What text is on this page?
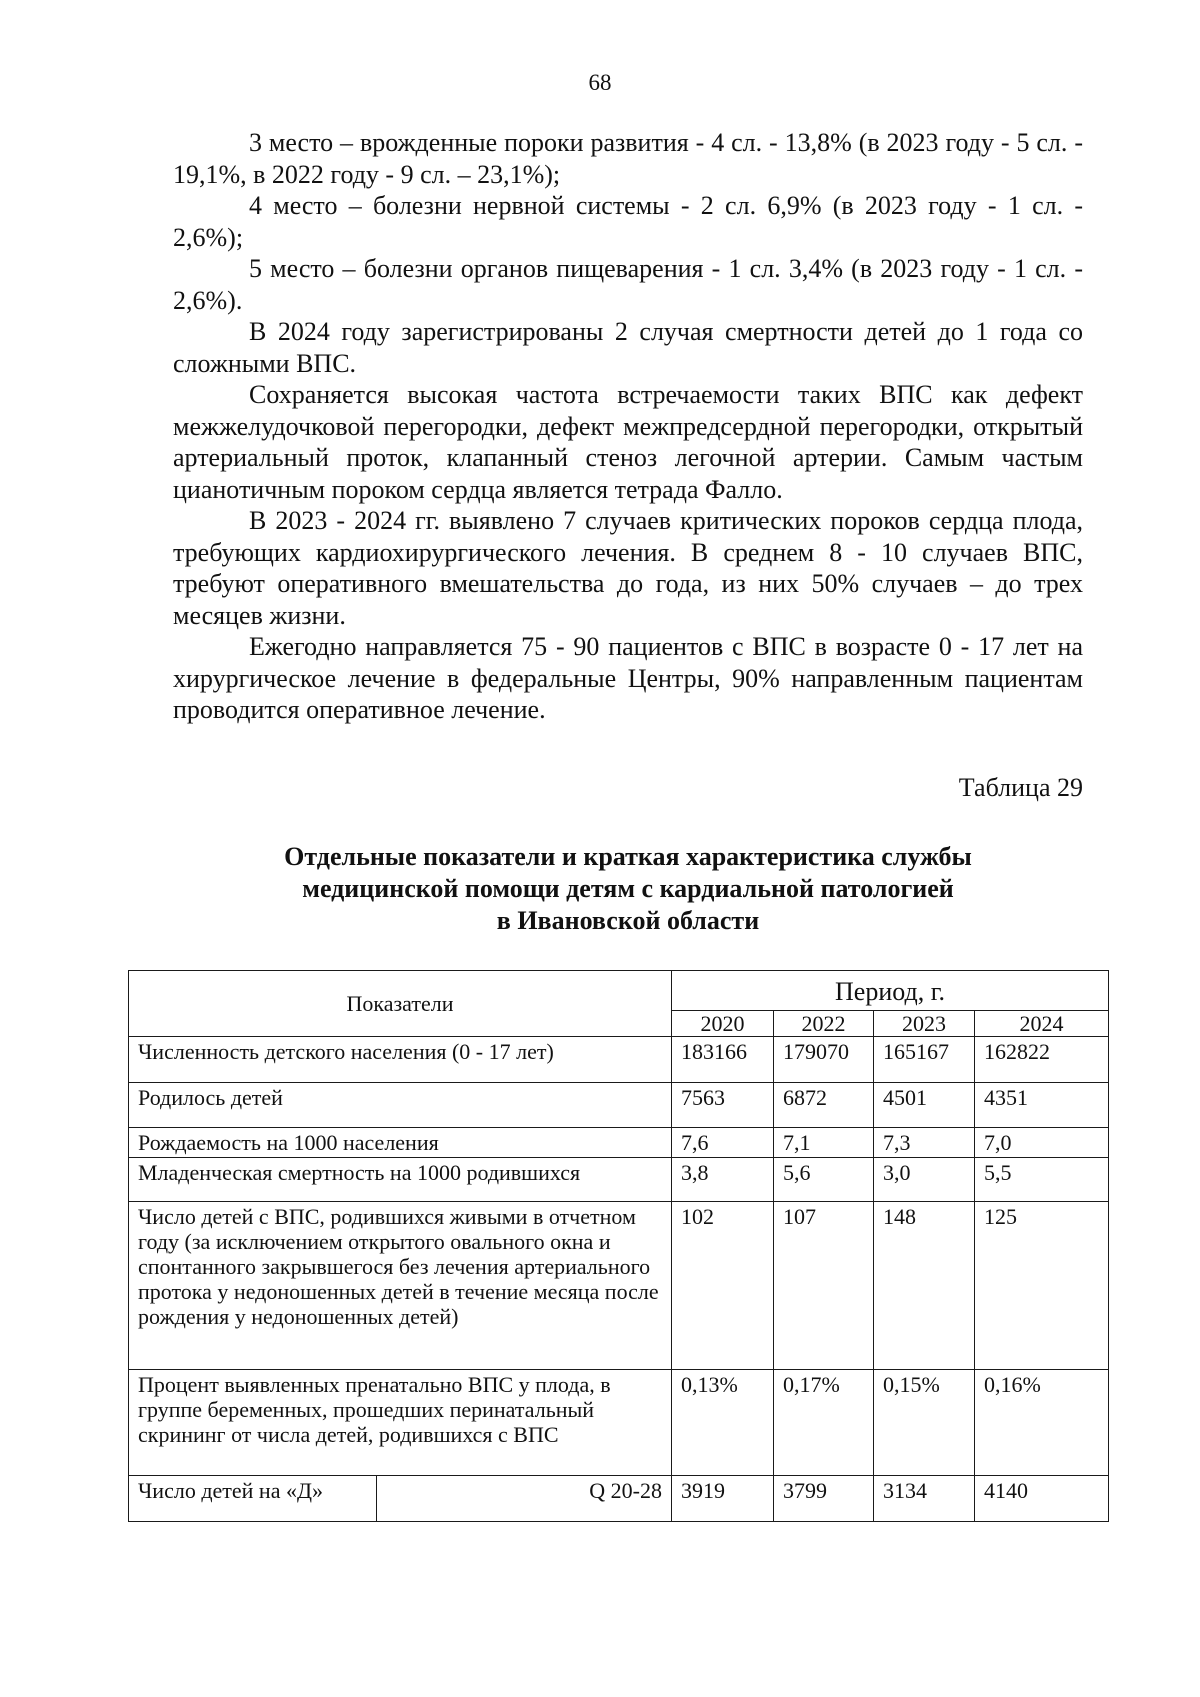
68

3 место – врожденные пороки развития - 4 сл. - 13,8% (в 2023 году - 5 сл. - 19,1%, в 2022 году - 9 сл. – 23,1%);

4 место – болезни нервной системы - 2 сл. 6,9% (в 2023 году - 1 сл. - 2,6%);

5 место – болезни органов пищеварения - 1 сл. 3,4% (в 2023 году - 1 сл. - 2,6%).

В 2024 году зарегистрированы 2 случая смертности детей до 1 года со сложными ВПС.

Сохраняется высокая частота встречаемости таких ВПС как дефект межжелудочковой перегородки, дефект межпредсердной перегородки, открытый артериальный проток, клапанный стеноз легочной артерии. Самым частым цианотичным пороком сердца является тетрада Фалло.

В 2023 - 2024 гг. выявлено 7 случаев критических пороков сердца плода, требующих кардиохирургического лечения. В среднем 8 - 10 случаев ВПС, требуют оперативного вмешательства до года, из них 50% случаев – до трех месяцев жизни.

Ежегодно направляется 75 - 90 пациентов с ВПС в возрасте 0 - 17 лет на хирургическое лечение в федеральные Центры, 90% направленным пациентам проводится оперативное лечение.

Таблица 29
Отдельные показатели и краткая характеристика службы
медицинской помощи детям с кардиальной патологией
в Ивановской области
Показатели		Период, г.			
		2020	2022	2023	2024
Численность детского населения (0 - 17 лет)		183166	179070	165167	162822
Родилось детей		7563	6872	4501	4351
Рождаемость на 1000 населения		7,6	7,1	7,3	7,0
Младенческая смертность на 1000 родившихся		3,8	5,6	3,0	5,5
Число детей с ВПС, родившихся живыми в отчетном году (за исключением открытого овального окна и спонтанного закрывшегося без лечения артериального протока у недоношенных детей в течение месяца после рождения у недоношенных детей)		102	107	148	125
Процент выявленных пренатально ВПС у плода, в группе беременных, прошедших перинатальный скрининг от числа детей, родившихся с ВПС		0,13%	0,17%	0,15%	0,16%
Число детей на «Д»	Q 20-28	3919	3799	3134	4140
